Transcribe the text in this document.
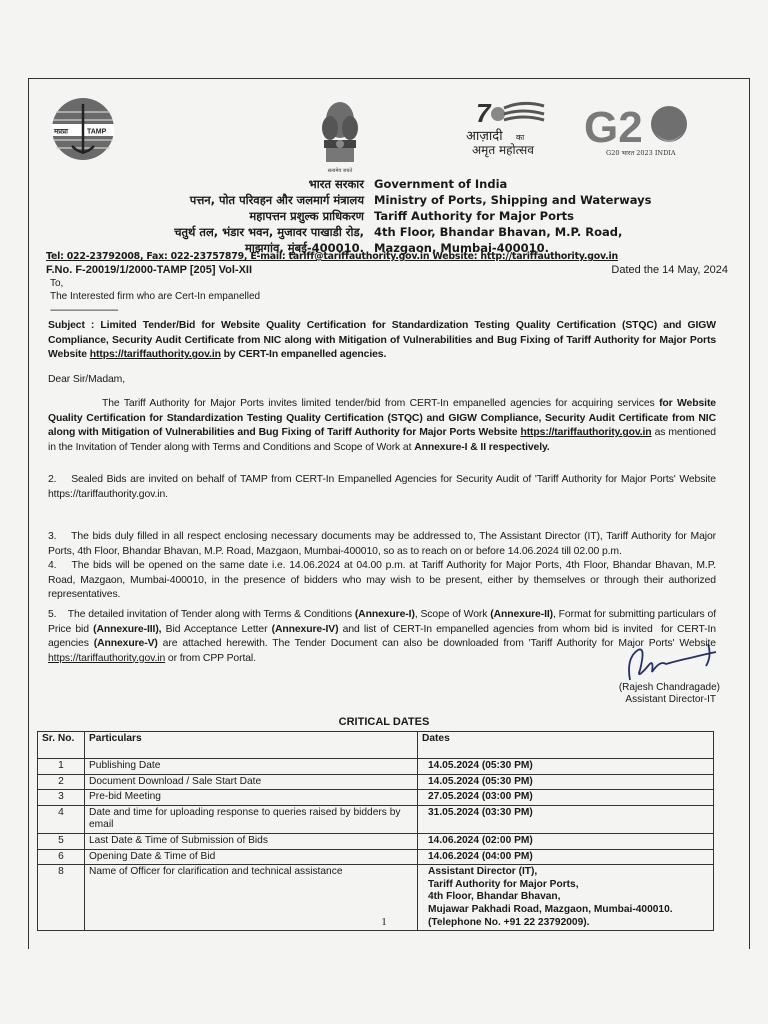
मप्रप्रा	TAMP
सत्यमेव जयते
7
आज़ादी का
अमृत महोत्सव G2
G20 भारत 2023 INDIA
भारत सरकार Government of India
पत्तन, पोत परिवहन और जलमार्ग मंत्रालय Ministry of Ports, Shipping and Waterways
महापत्तन प्रशुल्क प्राधिकरण Tariff Authority for Major Ports
चतुर्थ तल, भंडार भवन, मुजावर पाखाडी रोड, 4th Floor, Bhandar Bhavan, M.P. Road,
माझगांव, मुंबई-400010. Mazgaon, Mumbai-400010.
Tel: 022-23792008, Fax: 022-23757879, E-mail: tariff@tariffauthority.gov.in Website: http://tariffauthority.gov.in
F.No. F-20019/1/2000-TAMP [205] Vol-XII	Dated the 14 May, 2024
To,
The Interested firm who are Cert-In empanelled
-----------------------------
Subject : Limited Tender/Bid for Website Quality Certification for Standardization Testing Quality Certification (STQC) and GIGW Compliance, Security Audit Certificate from NIC along with Mitigation of Vulnerabilities and Bug Fixing of Tariff Authority for Major Ports Website https://tariffauthority.gov.in by CERT-In empanelled agencies.
Dear Sir/Madam,
The Tariff Authority for Major Ports invites limited tender/bid from CERT-In empanelled agencies for acquiring services for Website Quality Certification for Standardization Testing Quality Certification (STQC) and GIGW Compliance, Security Audit Certificate from NIC along with Mitigation of Vulnerabilities and Bug Fixing of Tariff Authority for Major Ports Website https://tariffauthority.gov.in as mentioned in the Invitation of Tender along with Terms and Conditions and Scope of Work at Annexure-I & II respectively.
2.    Sealed Bids are invited on behalf of TAMP from CERT-In Empanelled Agencies for Security Audit of 'Tariff Authority for Major Ports' Website https://tariffauthority.gov.in.
3.    The bids duly filled in all respect enclosing necessary documents may be addressed to, The Assistant Director (IT), Tariff Authority for Major Ports, 4th Floor, Bhandar Bhavan, M.P. Road, Mazgaon, Mumbai-400010, so as to reach on or before 14.06.2024 till 02.00 p.m.
4.    The bids will be opened on the same date i.e. 14.06.2024 at 04.00 p.m. at Tariff Authority for Major Ports, 4th Floor, Bhandar Bhavan, M.P. Road, Mazgaon, Mumbai-400010, in the presence of bidders who may wish to be present, either by themselves or through their authorized representatives.
5.    The detailed invitation of Tender along with Terms & Conditions (Annexure-I), Scope of Work (Annexure-II), Format for submitting particulars of Price bid (Annexure-III), Bid Acceptance Letter (Annexure-IV) and list of CERT-In empanelled agencies from whom bid is invited  for CERT-In agencies (Annexure-V) are attached herewith. The Tender Document can also be downloaded from 'Tariff Authority for Major Ports' Website https://tariffauthority.gov.in or from CPP Portal.
(Rajesh Chandragade)
Assistant Director-IT
CRITICAL DATES
Sr. No.	Particulars	Dates
1	Publishing Date	14.05.2024 (05:30 PM)
2	Document Download / Sale Start Date	14.05.2024 (05:30 PM)
3	Pre-bid Meeting	27.05.2024 (03:00 PM)
4	Date and time for uploading response to queries raised by bidders by email	31.05.2024 (03:30 PM)
5	Last Date & Time of Submission of Bids	14.06.2024 (02:00 PM)
6	Opening Date & Time of Bid	14.06.2024 (04:00 PM)
8	Name of Officer for clarification and technical assistance	Assistant Director (IT),
Tariff Authority for Major Ports,
4th Floor, Bhandar Bhavan,
Mujawar Pakhadi Road, Mazgaon, Mumbai-400010.
(Telephone No. +91 22 23792009).
1
